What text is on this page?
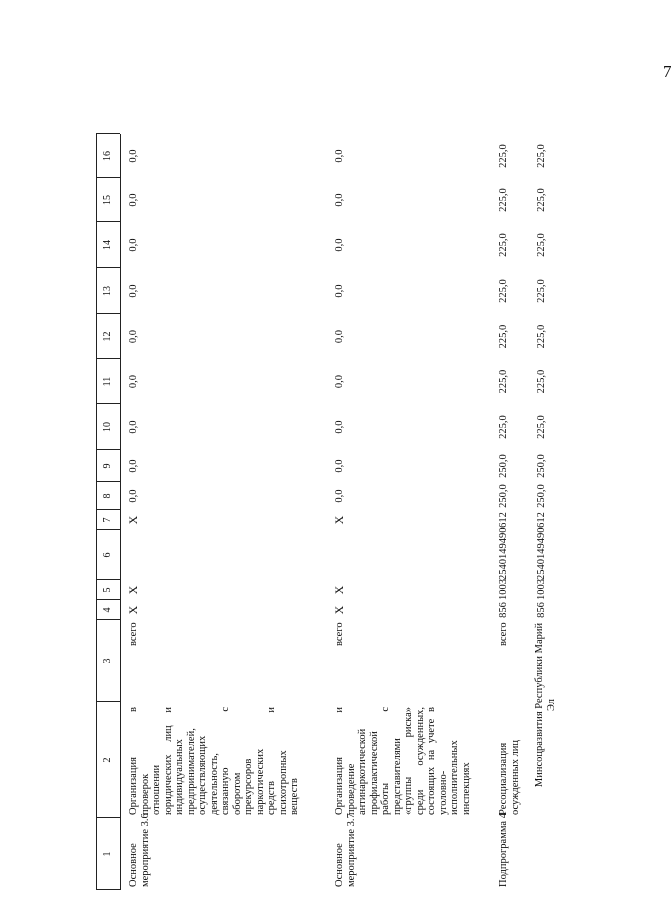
7
1
2
3
4
5
6
7
8
9
10
11
12
13
14
15
16
Основное мероприятие 3.6
Организация в проверок отношении юридических лиц и индивидуальных предпринимателей, осуществляющих деятельность, связанную с оборотом прекурсоров наркотических средств и психотропных веществ
всего
Х
Х
Х
0,0
0,0
0,0
0,0
0,0
0,0
0,0
0,0
0,0
Основное мероприятие 3.7
Организация и проведение антинаркотической профилактической работы с представителями «группы риска» среди осужденных, состоящих на учете в уголовно- исполнительных инспекциях
всего
Х
Х
Х
0,0
0,0
0,0
0,0
0,0
0,0
0,0
0,0
0,0
Подпрограмма 4
Ресоциализация осужденных лиц
всего
856
1003
2540149490
612
250,0
250,0
225,0
225,0
225,0
225,0
225,0
225,0
225,0
Минсоцразвития Республики Марий Эл
856
1003
2540149490
612
250,0
250,0
225,0
225,0
225,0
225,0
225,0
225,0
225,0
